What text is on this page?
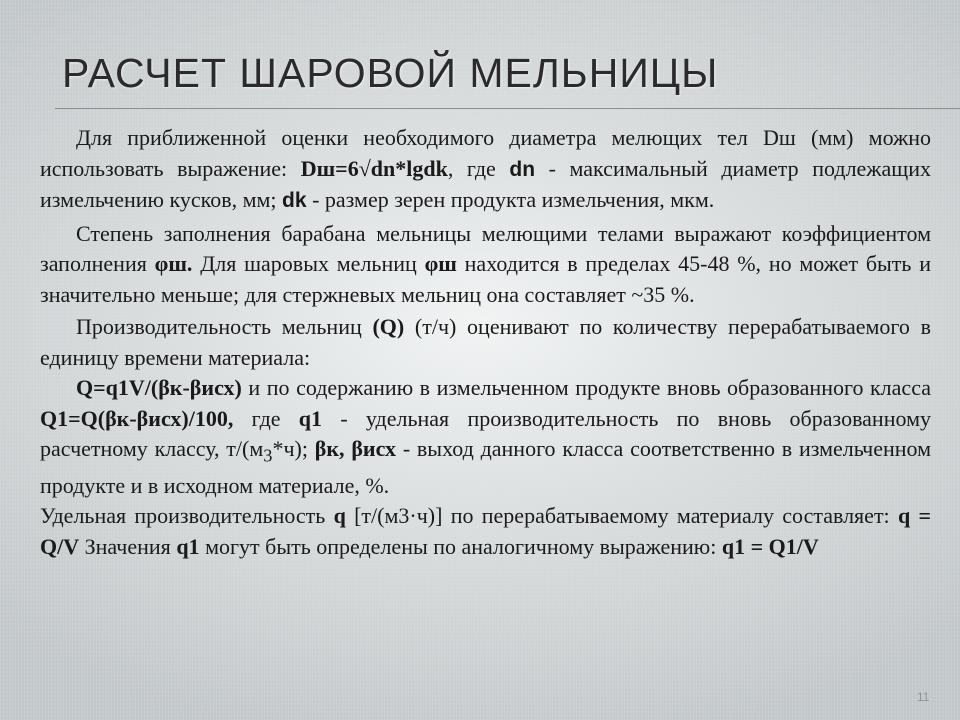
РАСЧЕТ ШАРОВОЙ МЕЛЬНИЦЫ

Для приближенной оценки необходимого диаметра мелющих тел Dш (мм) можно использовать выражение: Dш=6√dn*lgdk, где dn - максимальный диаметр подлежащих измельчению кусков, мм; dk - размер зерен продукта измельчения, мкм.

Степень заполнения барабана мельницы мелющими телами выражают коэффициентом заполнения φш. Для шаровых мельниц φш находится в пределах 45-48 %, но может быть и значительно меньше; для стержневых мельниц она составляет ~35 %.

Производительность мельниц (Q) (т/ч) оценивают по количеству перерабатываемого в единицу времени материала:

Q=q1V/(βк-βисх) и по содержанию в измельченном продукте вновь образованного класса Q1=Q(βк-βисх)/100, где q1 - удельная производительность по вновь образованному расчетному классу, $т/(м_3*ч)$; βк, βисх - выход данного класса соответственно в измельченном продукте и в исходном материале, %.

Удельная производительность q [т/(м3·ч)] по перерабатываемому материалу составляет: q = Q/V Значения q1 могут быть определены по аналогичному выражению: q1 = Q1/V

11
